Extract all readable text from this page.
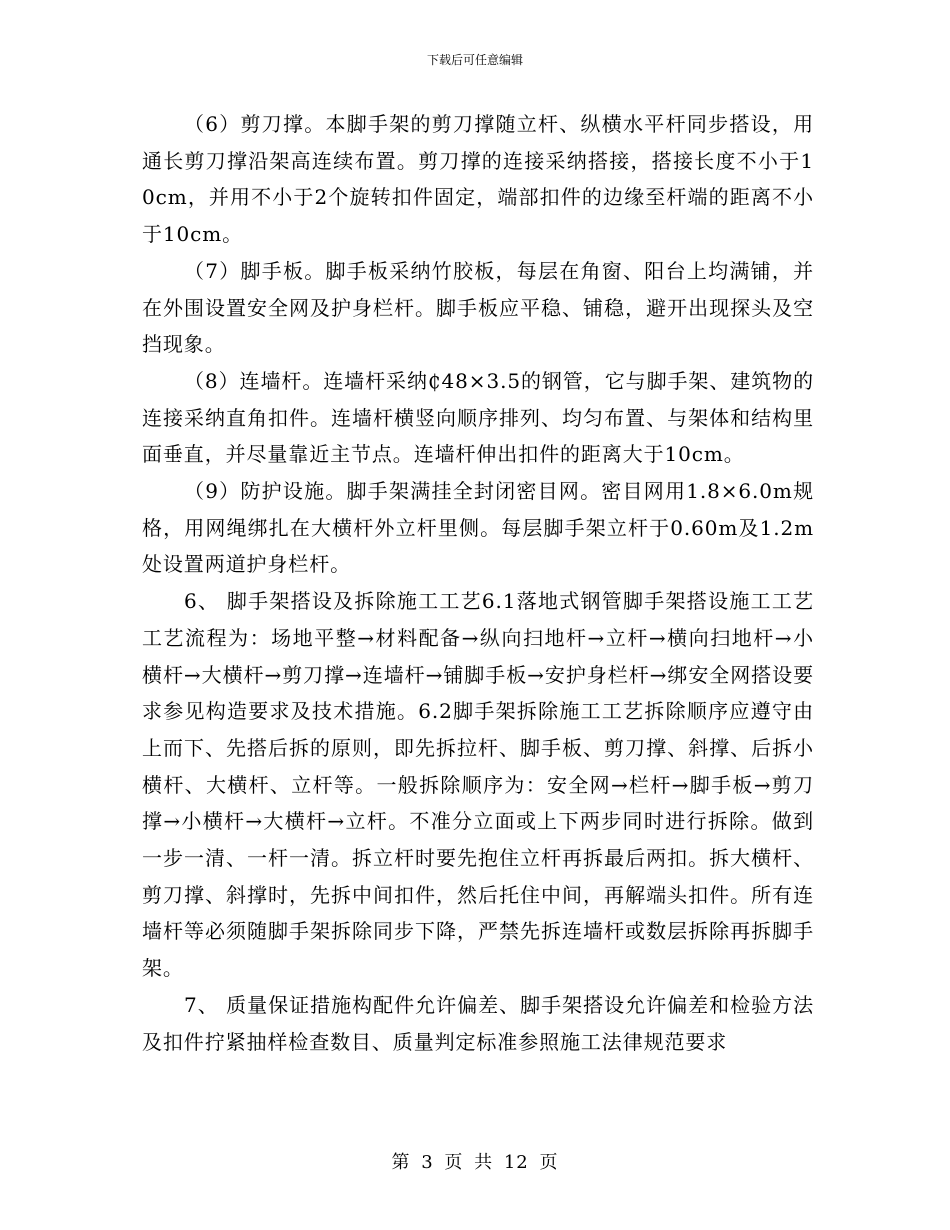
下载后可任意编辑

（6）剪刀撑。本脚手架的剪刀撑随立杆、纵横水平杆同步搭设，用通长剪刀撑沿架高连续布置。剪刀撑的连接采纳搭接，搭接长度不小于10cm，并用不小于2个旋转扣件固定，端部扣件的边缘至杆端的距离不小于10cm。

（7）脚手板。脚手板采纳竹胶板，每层在角窗、阳台上均满铺，并在外围设置安全网及护身栏杆。脚手板应平稳、铺稳，避开出现探头及空挡现象。

（8）连墙杆。连墙杆采纳₵48×3.5的钢管，它与脚手架、建筑物的连接采纳直角扣件。连墙杆横竖向顺序排列、均匀布置、与架体和结构里面垂直，并尽量靠近主节点。连墙杆伸出扣件的距离大于10cm。

（9）防护设施。脚手架满挂全封闭密目网。密目网用1.8×6.0m规格，用网绳绑扎在大横杆外立杆里侧。每层脚手架立杆于0.60m及1.2m处设置两道护身栏杆。

6、 脚手架搭设及拆除施工工艺6.1落地式钢管脚手架搭设施工工艺工艺流程为：场地平整→材料配备→纵向扫地杆→立杆→横向扫地杆→小横杆→大横杆→剪刀撑→连墙杆→铺脚手板→安护身栏杆→绑安全网搭设要求参见构造要求及技术措施。6.2脚手架拆除施工工艺拆除顺序应遵守由上而下、先搭后拆的原则，即先拆拉杆、脚手板、剪刀撑、斜撑、后拆小横杆、大横杆、立杆等。一般拆除顺序为：安全网→栏杆→脚手板→剪刀撑→小横杆→大横杆→立杆。不准分立面或上下两步同时进行拆除。做到一步一清、一杆一清。拆立杆时要先抱住立杆再拆最后两扣。拆大横杆、剪刀撑、斜撑时，先拆中间扣件，然后托住中间，再解端头扣件。所有连墙杆等必须随脚手架拆除同步下降，严禁先拆连墙杆或数层拆除再拆脚手架。

7、 质量保证措施构配件允许偏差、脚手架搭设允许偏差和检验方法及扣件拧紧抽样检查数目、质量判定标准参照施工法律规范要求

第 3 页 共 12 页
